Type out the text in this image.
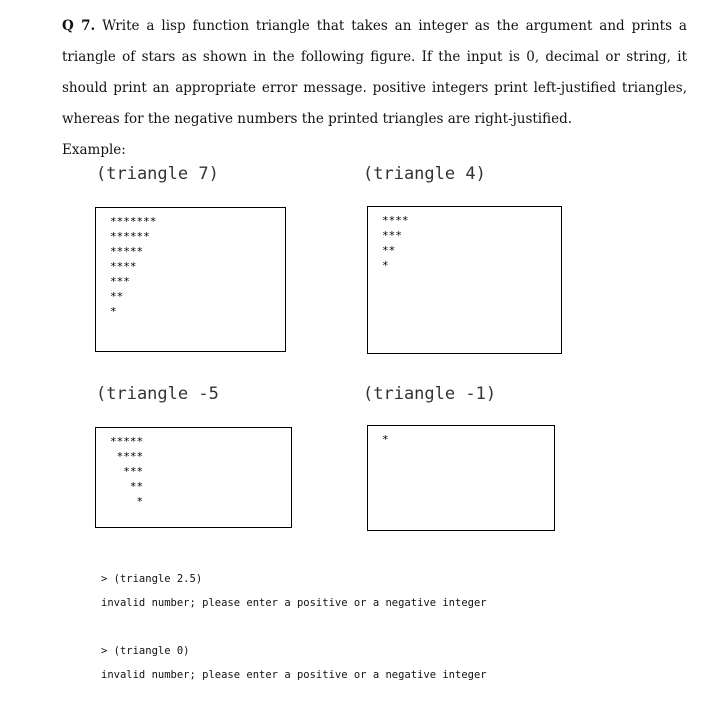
Q 7. Write a lisp function triangle that takes an integer as the argument and prints a triangle of stars as shown in the following figure. If the input is 0, decimal or string, it should print an appropriate error message. positive integers print left-justified triangles, whereas for the negative numbers the printed triangles are right-justified.
Example:
(triangle 7)
*******
******
*****
****
***
**
*
(triangle 4)
****
***
**
*
(triangle -5
*****
****
***
**
*
(triangle -1)
*
> (triangle 2.5)
invalid number; please enter a positive or a negative integer
> (triangle 0)
invalid number; please enter a positive or a negative integer
